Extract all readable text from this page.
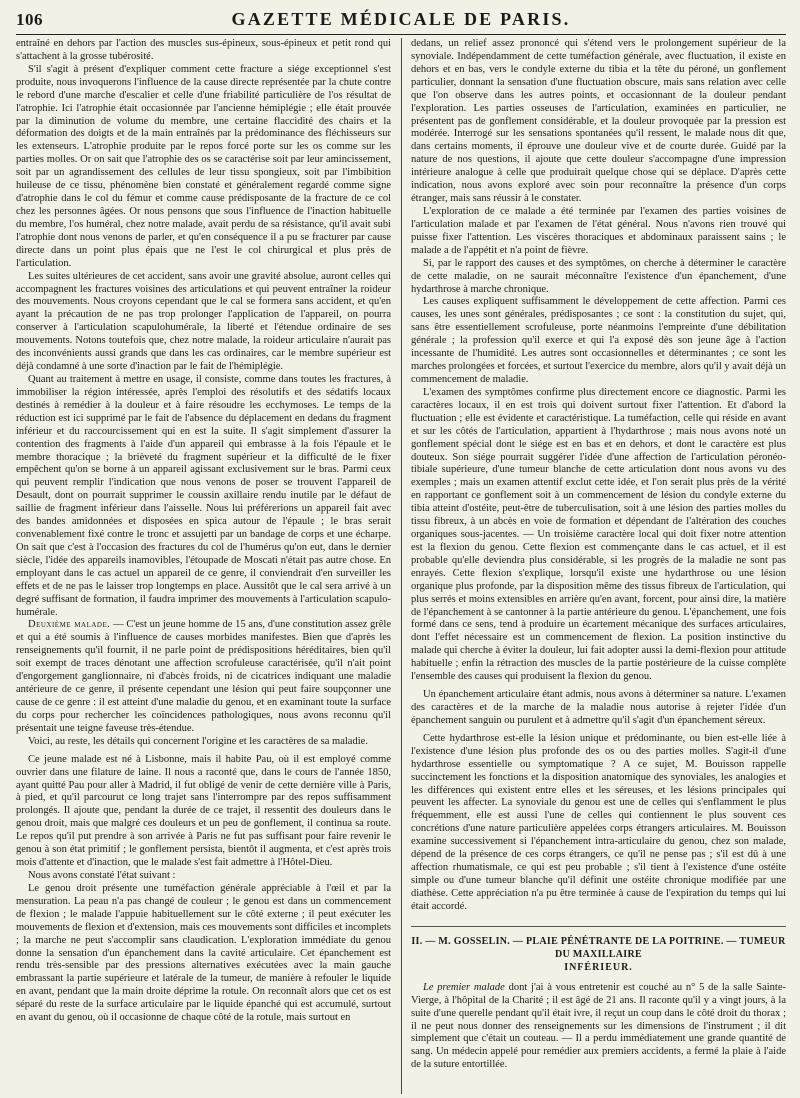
106	GAZETTE MÉDICALE DE PARIS.

entraîné en dehors par l'action des muscles sus-épineux, sous-épineux et petit rond qui s'attachent à la grosse tubérosité.

S'il s'agit à présent d'expliquer comment cette fracture a siége exceptionnel s'est produite, nous invoquerons l'influence de la cause directe représentée par la chute contre le rebord d'une marche d'escalier et celle d'une friabilité particulière de l'os résultat de l'atrophie. Ici l'atrophie était occasionnée par l'ancienne hémiplégie ; elle était prouvée par la diminution de volume du membre, une certaine flaccidité des chairs et la déformation des doigts et de la main entraînés par la prédominance des fléchisseurs sur les extenseurs. L'atrophie produite par le repos forcé porte sur les os comme sur les parties molles. Or on sait que l'atrophie des os se caractérise soit par leur amincissement, soit par un agrandissement des cellules de leur tissu spongieux, soit par l'imbibition huileuse de ce tissu, phénomène bien constaté et généralement regardé comme signe d'atrophie dans le col du fémur et comme cause prédisposante de la fracture de ce col chez les personnes âgées. Or nous pensons que sous l'influence de l'inaction habituelle du membre, l'os huméral, chez notre malade, avait perdu de sa résistance, qu'il avait subi l'atrophie dont nous venons de parler, et qu'en conséquence il a pu se fracturer par cause directe dans un point plus épais que ne l'est le col chirurgical et plus près de l'articulation.

Les suites ultérieures de cet accident, sans avoir une gravité absolue, auront celles qui accompagnent les fractures voisines des articulations et qui peuvent entraîner la roideur des mouvements. Nous croyons cependant que le cal se formera sans accident, et qu'en ayant la précaution de ne pas trop prolonger l'application de l'appareil, on pourra conserver à l'articulation scapulohumérale, la liberté et l'étendue ordinaire de ses mouvements. Notons toutefois que, chez notre malade, la roideur articulaire n'aurait pas des inconvénients aussi grands que dans les cas ordinaires, car le membre supérieur est déjà condamné à une sorte d'inaction par le fait de l'hémiplégie.

Quant au traitement à mettre en usage, il consiste, comme dans toutes les fractures, à immobiliser la région intéressée, après l'emploi des résolutifs et des sédatifs locaux destinés à remédier à la douleur et à faire résoudre les ecchymoses. Le temps de la réduction est ici supprimé par le fait de l'absence du déplacement en dedans du fragment inférieur et du raccourcissement qui en est la suite. Il s'agit simplement d'assurer la contention des fragments à l'aide d'un appareil qui embrasse à la fois l'épaule et le membre thoracique ; la brièveté du fragment supérieur et la difficulté de le fixer empêchent qu'on se borne à un appareil agissant exclusivement sur le bras. Parmi ceux qui peuvent remplir l'indication que nous venons de poser se trouvent l'appareil de Desault, dont on pourrait supprimer le coussin axillaire rendu inutile par le défaut de saillie de fragment inférieur dans l'aisselle. Nous lui préférerions un appareil fait avec des bandes amidonnées et disposées en spica autour de l'épaule ; le bras serait convenablement fixé contre le tronc et assujetti par un bandage de corps et une écharpe. On sait que c'est à l'occasion des fractures du col de l'humérus qu'on eut, dans le dernier siècle, l'idée des appareils inamovibles, l'étoupade de Moscati n'était pas autre chose. En employant dans le cas actuel un appareil de ce genre, il conviendrait d'en surveiller les effets et de ne pas le laisser trop longtemps en place. Aussitôt que le cal sera arrivé à un degré suffisant de formation, il faudra imprimer des mouvements à l'articulation scapulo-humérale.

Deuxième malade. — C'est un jeune homme de 15 ans, d'une constitution assez grêle et qui a été soumis à l'influence de causes morbides manifestes. Bien que d'après les renseignements qu'il fournit, il ne parle point de prédispositions héréditaires, bien qu'il soit exempt de traces dénotant une affection scrofuleuse caractérisée, qu'il n'ait point d'engorgement ganglionnaire, ni d'abcès froids, ni de cicatrices indiquant une maladie antérieure de ce genre, il présente cependant une lésion qui peut faire soupçonner une cause de ce genre : il est atteint d'une maladie du genou, et en examinant toute la surface du corps pour rechercher les coïncidences pathologiques, nous avons reconnu qu'il présentait une teigne faveuse très-étendue.

Voici, au reste, les détails qui concernent l'origine et les caractères de sa maladie.

Ce jeune malade est né à Lisbonne, mais il habite Pau, où il est employé comme ouvrier dans une filature de laine. Il nous a raconté que, dans le cours de l'année 1850, ayant quitté Pau pour aller à Madrid, il fut obligé de venir de cette dernière ville à Paris, à pied, et qu'il parcourut ce long trajet sans l'interrompre par des repos suffisamment prolongés. Il ajoute que, pendant la durée de ce trajet, il ressentit des douleurs dans le genou droit, mais que malgré ces douleurs et un peu de gonflement, il continua sa route. Le repos qu'il put prendre à son arrivée à Paris ne fut pas suffisant pour faire revenir le genou à son état primitif ; le gonflement persista, bientôt il augmenta, et c'est après trois mois d'attente et d'inaction, que le malade s'est fait admettre à l'Hôtel-Dieu.

Nous avons constaté l'état suivant :

Le genou droit présente une tuméfaction générale appréciable à l'œil et par la mensuration. La peau n'a pas changé de couleur ; le genou est dans un commencement de flexion ; le malade l'appuie habituellement sur le côté externe ; il peut exécuter les mouvements de flexion et d'extension, mais ces mouvements sont difficiles et incomplets ; la marche ne peut s'accomplir sans claudication. L'exploration immédiate du genou donne la sensation d'un épanchement dans la cavité articulaire. Cet épanchement est rendu très-sensible par des pressions alternatives exécutées avec la main gauche embrassant la partie supérieure et latérale de la tumeur, de manière à refouler le liquide en avant, pendant que la main droite déprime la rotule. On reconnaît alors que cet os est séparé du reste de la surface articulaire par le liquide épanché qui est accumulé, surtout en avant du genou, où il occasionne de chaque côté de la rotule, mais surtout en

dedans, un relief assez prononcé qui s'étend vers le prolongement supérieur de la synoviale. Indépendamment de cette tuméfaction générale, avec fluctuation, il existe en dehors et en bas, vers le condyle externe du tibia et la tête du péroné, un gonflement particulier, donnant la sensation d'une fluctuation obscure, mais sans relation avec celle que l'on observe dans les autres points, et occasionnant de la douleur pendant l'exploration. Les parties osseuses de l'articulation, examinées en particulier, ne présentent pas de gonflement considérable, et la douleur provoquée par la pression est modérée. Interrogé sur les sensations spontanées qu'il ressent, le malade nous dit que, dans certains moments, il éprouve une douleur vive et de courte durée. Guidé par la nature de nos questions, il ajoute que cette douleur s'accompagne d'une impression intérieure analogue à celle que produirait quelque chose qui se déplace. D'après cette indication, nous avons exploré avec soin pour reconnaître la présence d'un corps étranger, mais sans réussir à le constater.

L'exploration de ce malade a été terminée par l'examen des parties voisines de l'articulation malade et par l'examen de l'état général. Nous n'avons rien trouvé qui puisse fixer l'attention. Les viscères thoraciques et abdominaux paraissent sains ; le malade a de l'appétit et n'a point de fièvre.

Si, par le rapport des causes et des symptômes, on cherche à déterminer le caractère de cette maladie, on ne saurait méconnaître l'existence d'un épanchement, d'une hydarthrose à marche chronique.

Les causes expliquent suffisamment le développement de cette affection. Parmi ces causes, les unes sont générales, prédisposantes ; ce sont : la constitution du sujet, qui, sans être essentiellement scrofuleuse, porte néanmoins l'empreinte d'une débilitation générale ; la profession qu'il exerce et qui l'a exposé dès son jeune âge à l'action incessante de l'humidité. Les autres sont occasionnelles et déterminantes ; ce sont les marches prolongées et forcées, et surtout l'exercice du membre, alors qu'il y avait déjà un commencement de maladie.

L'examen des symptômes confirme plus directement encore ce diagnostic. Parmi les caractères locaux, il en est trois qui doivent surtout fixer l'attention. Et d'abord la fluctuation ; elle est évidente et caractéristique. La tuméfaction, celle qui réside en avant et sur les côtés de l'articulation, appartient à l'hydarthrose ; mais nous avons noté un gonflement spécial dont le siége est en bas et en dehors, et dont le caractère est plus douteux. Son siége pourrait suggérer l'idée d'une affection de l'articulation péronéo-tibiale supérieure, d'une tumeur blanche de cette articulation dont nous avons vu des exemples ; mais un examen attentif exclut cette idée, et l'on serait plus près de la vérité en rapportant ce gonflement soit à un commencement de lésion du condyle externe du tibia atteint d'ostéite, peut-être de tuberculisation, soit à une lésion des parties molles du tissu fibreux, à un abcès en voie de formation et dépendant de l'altération des couches organiques sous-jacentes. — Un troisième caractère local qui doit fixer notre attention est la flexion du genou. Cette flexion est commençante dans le cas actuel, et il est probable qu'elle deviendra plus considérable, si les progrès de la maladie ne sont pas enrayés. Cette flexion s'explique, lorsqu'il existe une hydarthrose ou une lésion organique plus profonde, par la disposition même des tissus fibreux de l'articulation, qui plus serrés et moins extensibles en arrière qu'en avant, forcent, pour ainsi dire, la matière de l'épanchement à se cantonner à la partie antérieure du genou. L'épanchement, une fois formé dans ce sens, tend à produire un écartement mécanique des surfaces articulaires, dont l'effet nécessaire est un commencement de flexion. La position instinctive du malade qui cherche à éviter la douleur, lui fait adopter aussi la demi-flexion pour attitude habituelle ; enfin la rétraction des muscles de la partie postérieure de la cuisse complète l'ensemble des causes qui produisent la flexion du genou.

Un épanchement articulaire étant admis, nous avons à déterminer sa nature. L'examen des caractères et de la marche de la maladie nous autorise à rejeter l'idée d'un épanchement sanguin ou purulent et à admettre qu'il s'agit d'un épanchement séreux.

Cette hydarthrose est-elle la lésion unique et prédominante, ou bien est-elle liée à l'existence d'une lésion plus profonde des os ou des parties molles. S'agit-il d'une hydarthrose essentielle ou symptomatique ? A ce sujet, M. Bouisson rappelle succinctement les fonctions et la disposition anatomique des synoviales, les analogies et les différences qui existent entre elles et les séreuses, et les lésions principales qui peuvent les affecter. La synoviale du genou est une de celles qui s'enflamment le plus fréquemment, elle est aussi l'une de celles qui contiennent le plus souvent ces concrétions d'une nature particulière appelées corps étrangers articulaires. M. Bouisson examine successivement si l'épanchement intra-articulaire du genou, chez son malade, dépend de la présence de ces corps étrangers, ce qu'il ne pense pas ; s'il est dû à une affection rhumatismale, ce qui est peu probable ; s'il tient à l'existence d'une ostéite simple ou d'une tumeur blanche qu'il définit une ostéite chronique modifiée par une diathèse. Cette appréciation n'a pu être terminée à cause de l'expiration du temps qui lui était accordé.

II. — M. GOSSELIN. — PLAIE PÉNÉTRANTE DE LA POITRINE. — TUMEUR DU MAXILLAIRE
INFÉRIEUR.

Le premier malade dont j'ai à vous entretenir est couché au n° 5 de la salle Sainte-Vierge, à l'hôpital de la Charité ; il est âgé de 21 ans. Il raconte qu'il y a vingt jours, à la suite d'une querelle pendant qu'il était ivre, il reçut un coup dans le côté droit du thorax ; il ne peut nous donner des renseignements sur les dimensions de l'instrument ; il dit simplement que c'était un couteau. — Il a perdu immédiatement une grande quantité de sang. Un médecin appelé pour remédier aux premiers accidents, a fermé la plaie à l'aide de la suture entortillée.
